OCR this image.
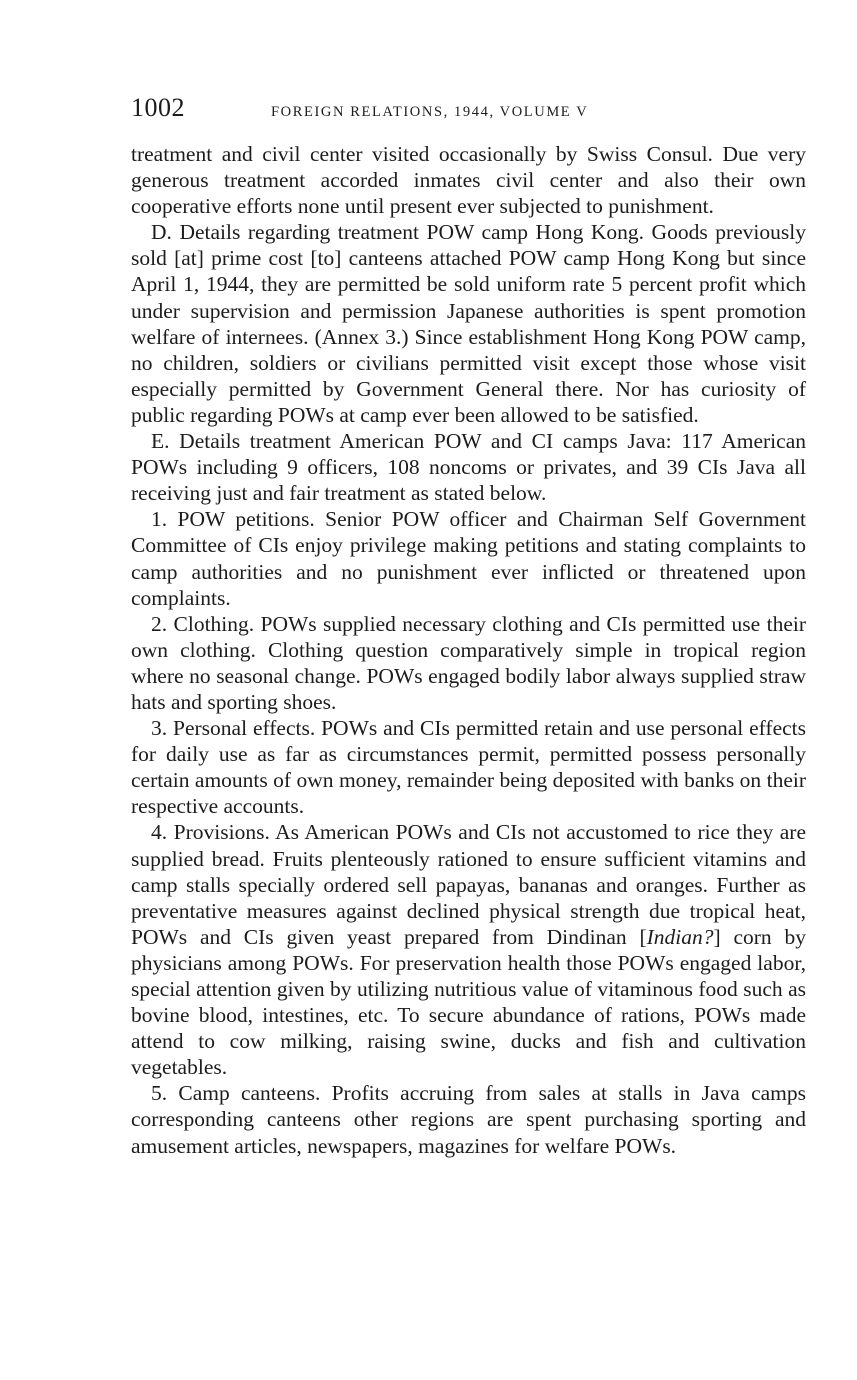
1002	FOREIGN RELATIONS, 1944, VOLUME V

treatment and civil center visited occasionally by Swiss Consul. Due very generous treatment accorded inmates civil center and also their own cooperative efforts none until present ever subjected to punishment.

D. Details regarding treatment POW camp Hong Kong. Goods previously sold [at] prime cost [to] canteens attached POW camp Hong Kong but since April 1, 1944, they are permitted be sold uniform rate 5 percent profit which under supervision and permission Japanese authorities is spent promotion welfare of internees. (Annex 3.) Since establishment Hong Kong POW camp, no children, soldiers or civilians permitted visit except those whose visit especially permitted by Government General there. Nor has curiosity of public regarding POWs at camp ever been allowed to be satisfied.

E. Details treatment American POW and CI camps Java: 117 American POWs including 9 officers, 108 noncoms or privates, and 39 CIs Java all receiving just and fair treatment as stated below.

1. POW petitions. Senior POW officer and Chairman Self Government Committee of CIs enjoy privilege making petitions and stating complaints to camp authorities and no punishment ever inflicted or threatened upon complaints.

2. Clothing. POWs supplied necessary clothing and CIs permitted use their own clothing. Clothing question comparatively simple in tropical region where no seasonal change. POWs engaged bodily labor always supplied straw hats and sporting shoes.

3. Personal effects. POWs and CIs permitted retain and use personal effects for daily use as far as circumstances permit, permitted possess personally certain amounts of own money, remainder being deposited with banks on their respective accounts.

4. Provisions. As American POWs and CIs not accustomed to rice they are supplied bread. Fruits plenteously rationed to ensure sufficient vitamins and camp stalls specially ordered sell papayas, bananas and oranges. Further as preventative measures against declined physical strength due tropical heat, POWs and CIs given yeast prepared from Dindinan [Indian?] corn by physicians among POWs. For preservation health those POWs engaged labor, special attention given by utilizing nutritious value of vitaminous food such as bovine blood, intestines, etc. To secure abundance of rations, POWs made attend to cow milking, raising swine, ducks and fish and cultivation vegetables.

5. Camp canteens. Profits accruing from sales at stalls in Java camps corresponding canteens other regions are spent purchasing sporting and amusement articles, newspapers, magazines for welfare POWs.
